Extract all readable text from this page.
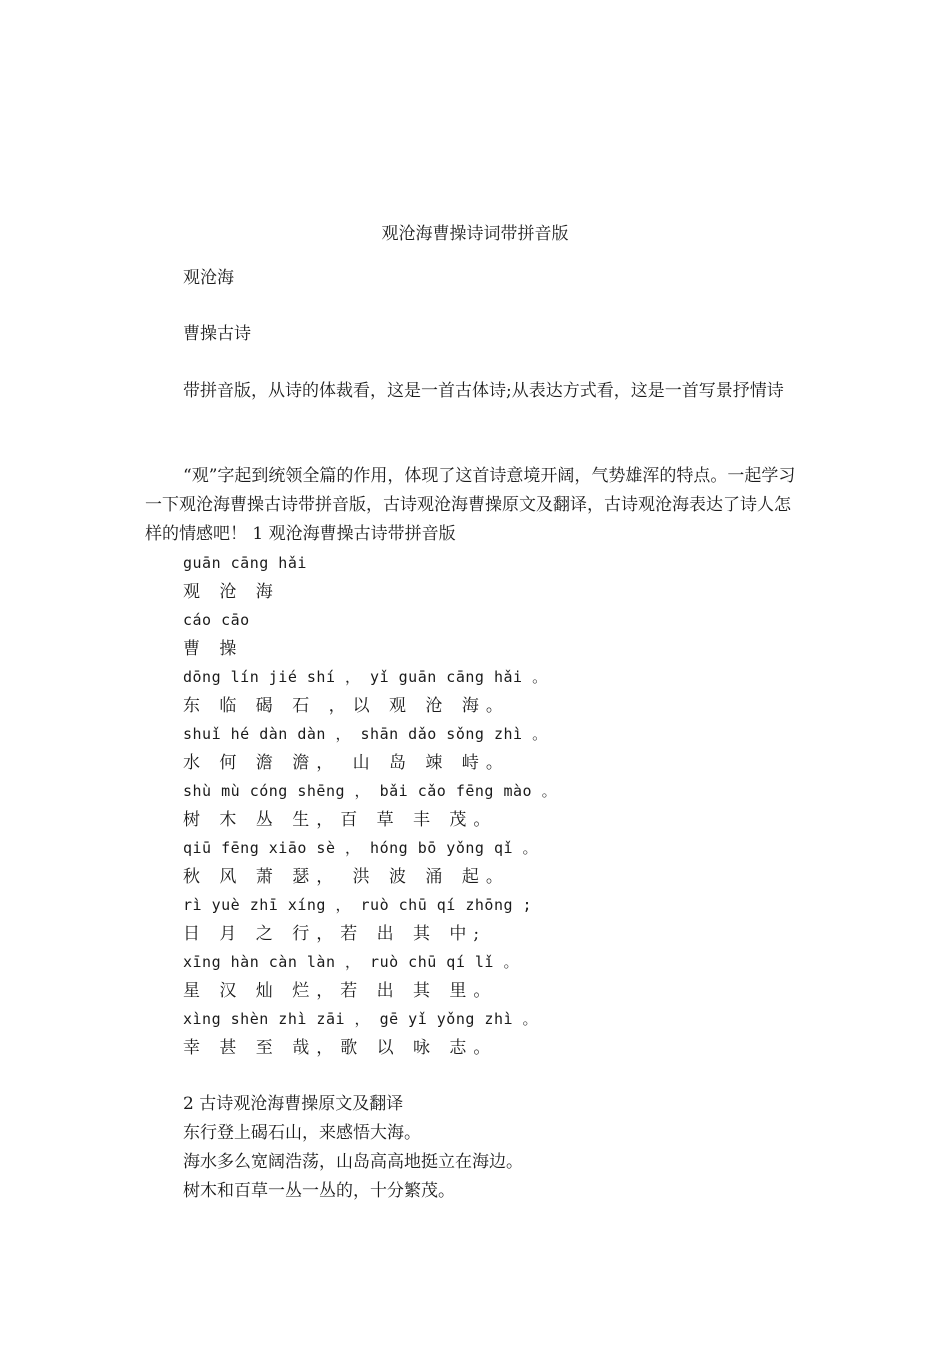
观沧海曹操诗词带拼音版
观沧海
曹操古诗
带拼音版，从诗的体裁看，这是一首古体诗;从表达方式看，这是一首写景抒情诗
“观”字起到统领全篇的作用，体现了这首诗意境开阔，气势雄浑的特点。一起学习一下观沧海曹操古诗带拼音版，古诗观沧海曹操原文及翻译，古诗观沧海表达了诗人怎样的情感吧！ 1 观沧海曹操古诗带拼音版
guān cāng hǎi
观 沧 海
cáo cāo
曹 操
dōng lín jié shí ， yǐ guān cāng hǎi 。
东 临 碣 石 ，以 观 沧 海。
shuǐ hé dàn dàn ， shān dǎo sǒng zhì 。
水 何 澹 澹， 山 岛 竦 峙。
shù mù cóng shēng ， bǎi cǎo fēng mào 。
树 木 丛 生，百 草 丰 茂。
qiū fēng xiāo sè ， hóng bō yǒng qǐ 。
秋 风 萧 瑟， 洪 波 涌 起。
rì yuè zhī xíng ， ruò chū qí zhōng ;
日 月 之 行，若 出 其 中;
xīng hàn càn làn ， ruò chū qí lǐ 。
星 汉 灿 烂，若 出 其 里。
xìng shèn zhì zāi ， gē yǐ yǒng zhì 。
幸 甚 至 哉，歌 以 咏 志。
2 古诗观沧海曹操原文及翻译
东行登上碣石山，来感悟大海。
海水多么宽阔浩荡，山岛高高地挺立在海边。
树木和百草一丛一丛的，十分繁茂。
